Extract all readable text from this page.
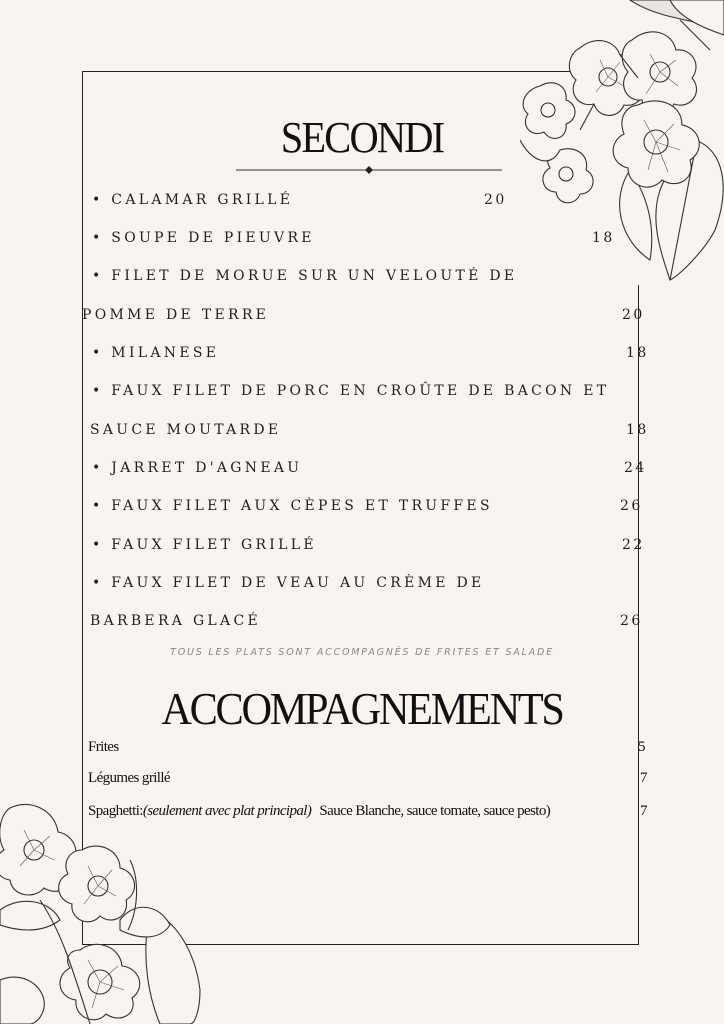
SECONDI
• CALAMAR GRILLÉ	20
• SOUPE DE PIEUVRE	18
• FILET DE MORUE SUR UN VELOUTÉ DE
POMME DE TERRE	20
• MILANESE	18
• FAUX FILET DE PORC EN CROÛTE DE BACON ET
SAUCE MOUTARDE	18
• JARRET D'AGNEAU	24
• FAUX FILET AUX CÈPES ET TRUFFES	26
• FAUX FILET GRILLÉ	22
• FAUX FILET DE VEAU AU CRÈME DE
BARBERA GLACÉ	26
TOUS LES PLATS SONT ACCOMPAGNÉS DE FRITES ET SALADE
ACCOMPAGNEMENTS
Frites	5
Légumes grillé	7
Spaghetti:(seulement avec plat principal) Sauce Blanche, sauce tomate, sauce pesto)	7
